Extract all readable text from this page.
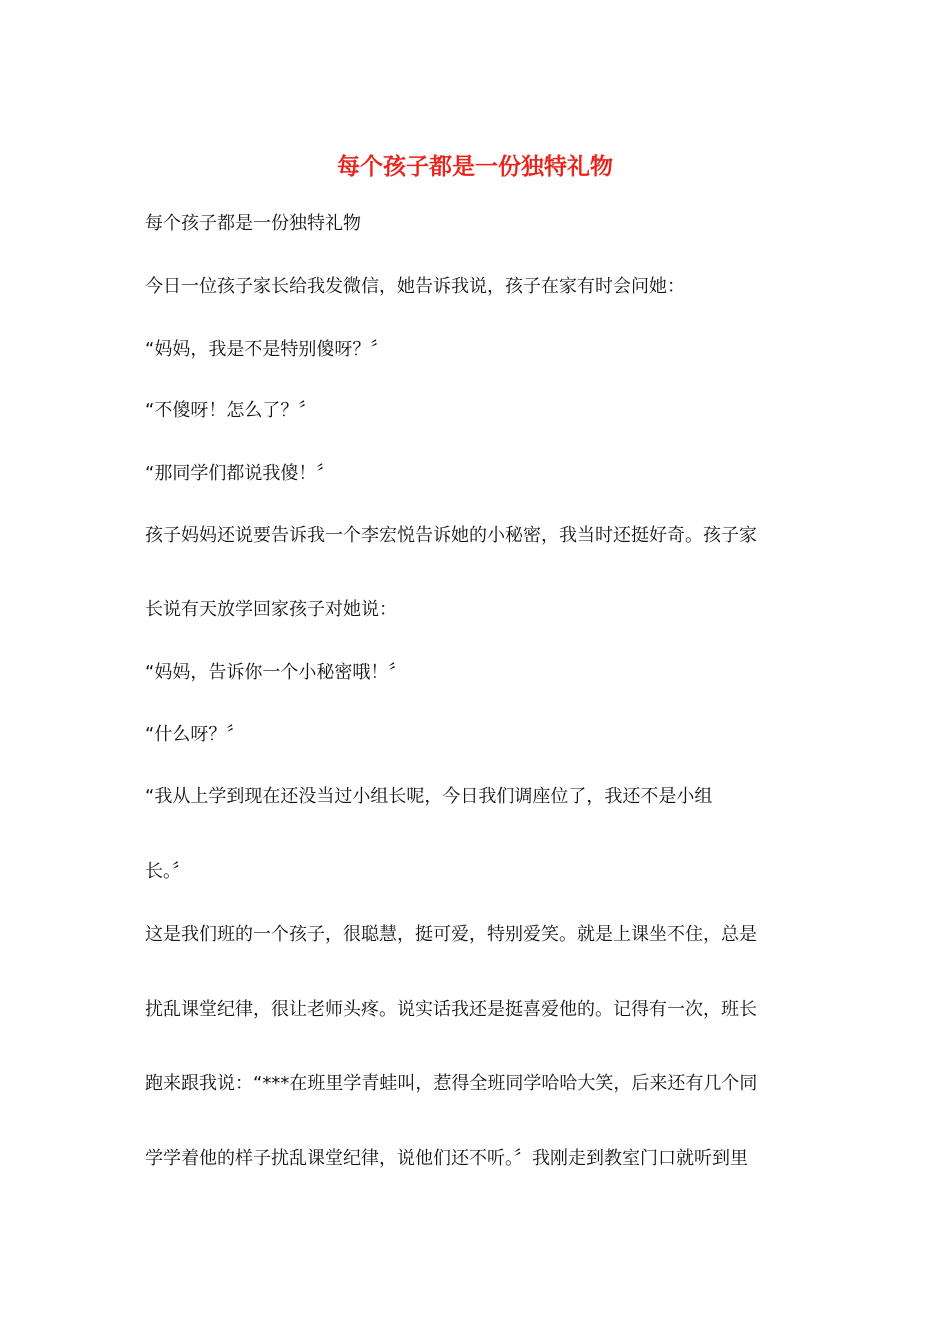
每个孩子都是一份独特礼物

每个孩子都是一份独特礼物

今日一位孩子家长给我发微信，她告诉我说，孩子在家有时会问她：

“妈妈，我是不是特别傻呀？〞

“不傻呀！怎么了？〞

“那同学们都说我傻！〞

孩子妈妈还说要告诉我一个李宏悦告诉她的小秘密，我当时还挺好奇。孩子家

长说有天放学回家孩子对她说：

“妈妈，告诉你一个小秘密哦！〞

“什么呀？〞

“我从上学到现在还没当过小组长呢，今日我们调座位了，我还不是小组

长。〞

这是我们班的一个孩子，很聪慧，挺可爱，特别爱笑。就是上课坐不住，总是

扰乱课堂纪律，很让老师头疼。说实话我还是挺喜爱他的。记得有一次，班长

跑来跟我说：“***在班里学青蛙叫，惹得全班同学哈哈大笑，后来还有几个同

学学着他的样子扰乱课堂纪律，说他们还不听。〞我刚走到教室门口就听到里
